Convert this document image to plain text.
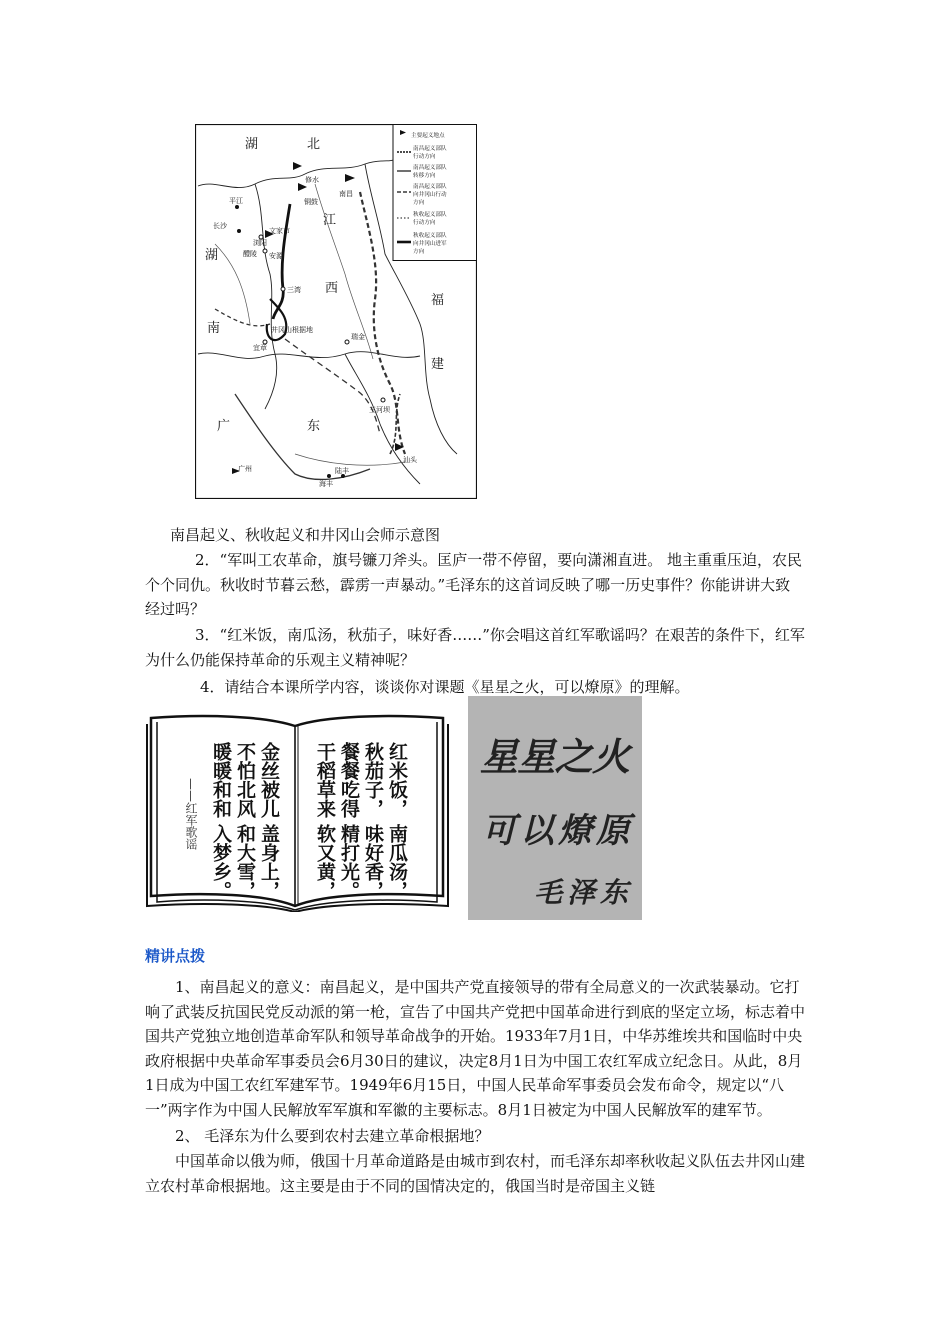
湖	北
湖
南
江
西
福
建
广	东
平江
修水
铜鼓
长沙
浏阳
文家市
醴陵 安源
南昌
三湾
井冈山根据地
瑞金
宜章
三河坝
汕头
广州	陆丰
海丰
主要起义地点
南昌起义部队
行动方向
南昌起义部队
转移方向
南昌起义部队
向井冈山行动
方向
秋收起义部队
行动方向
秋收起义部队
向井冈山进军
方向
南昌起义、秋收起义和井冈山会师示意图

2．“军叫工农革命，旗号镰刀斧头。匡庐一带不停留，要向潇湘直进。 地主重重压迫，农民个个同仇。秋收时节暮云愁，霹雳一声暴动。”毛泽东的这首词反映了哪一历史事件？你能讲讲大致经过吗？

3．“红米饭，南瓜汤，秋茄子，味好香……”你会唱这首红军歌谣吗？在艰苦的条件下，红军为什么仍能保持革命的乐观主义精神呢？

4．请结合本课所学内容，谈谈你对课题《星星之火，可以燎原》的理解。

红米饭，
南瓜汤，
秋茄子，
味好香，
餐餐吃得
精打光。
干稻草来
软又黄，
金丝被儿
盖身上，
不怕北风
和大雪，
暖暖和和
入梦乡。
——红军歌谣
星星之火
可以燎原
毛泽东
精讲点拨

1、南昌起义的意义：南昌起义，是中国共产党直接领导的带有全局意义的一次武装暴动。它打响了武装反抗国民党反动派的第一枪，宣告了中国共产党把中国革命进行到底的坚定立场，标志着中国共产党独立地创造革命军队和领导革命战争的开始。1933年7月1日，中华苏维埃共和国临时中央政府根据中央革命军事委员会6月30日的建议，决定8月1日为中国工农红军成立纪念日。从此，8月1日成为中国工农红军建军节。1949年6月15日，中国人民革命军事委员会发布命令，规定以“八一”两字作为中国人民解放军军旗和军徽的主要标志。8月1日被定为中国人民解放军的建军节。

2、 毛泽东为什么要到农村去建立革命根据地？

中国革命以俄为师，俄国十月革命道路是由城市到农村，而毛泽东却率秋收起义队伍去井冈山建立农村革命根据地。这主要是由于不同的国情决定的，俄国当时是帝国主义链
